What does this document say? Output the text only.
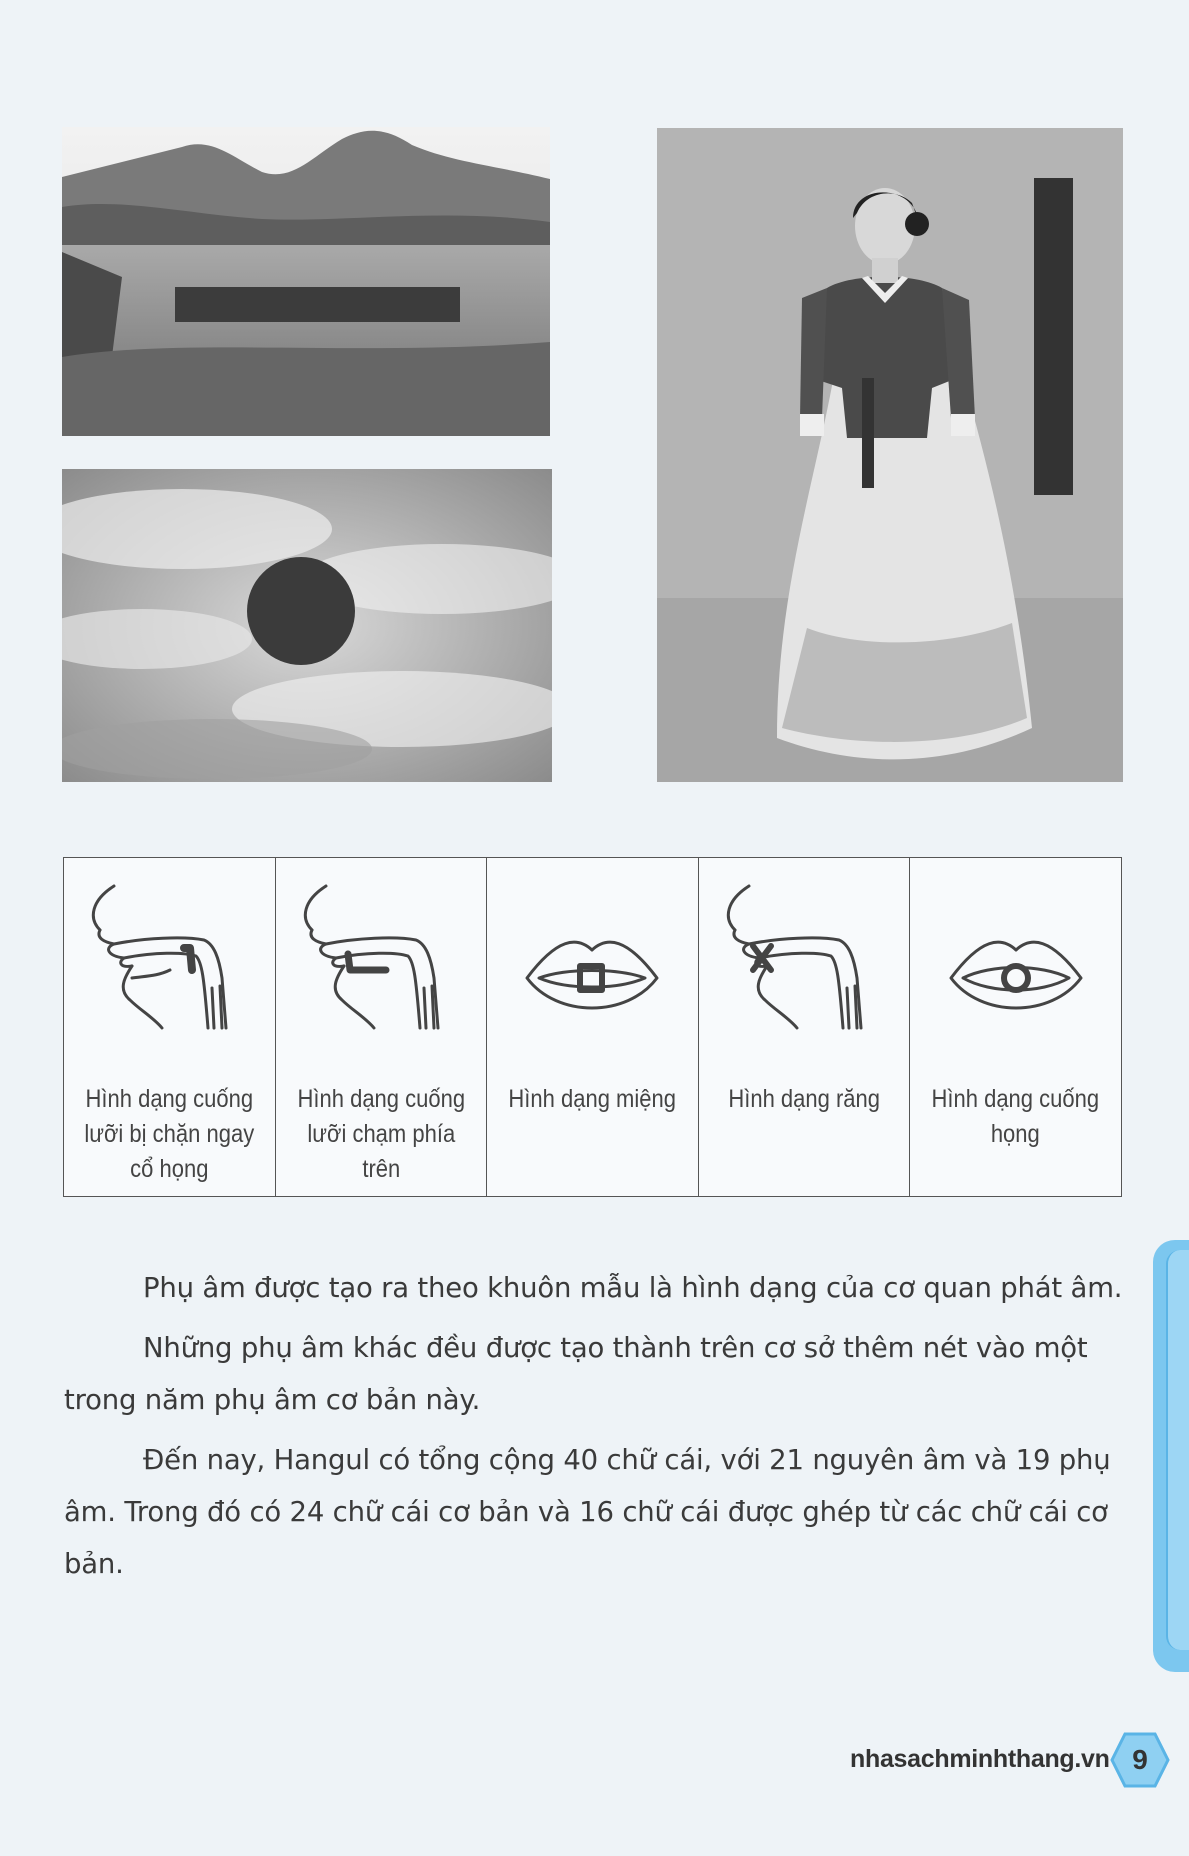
Hình dạng cuống lưỡi bị chặn ngay cổ họng
Hình dạng cuống lưỡi chạm phía trên
Hình dạng miệng Hình dạng răng	Hình dạng cuống họng

Phụ âm được tạo ra theo khuôn mẫu là hình dạng của cơ quan phát âm.

Những phụ âm khác đều được tạo thành trên cơ sở thêm nét vào một trong năm phụ âm cơ bản này.

Đến nay, Hangul có tổng cộng 40 chữ cái, với 21 nguyên âm và 19 phụ âm. Trong đó có 24 chữ cái cơ bản và 16 chữ cái được ghép từ các chữ cái cơ bản.

nhasachminhthang.vn 9
